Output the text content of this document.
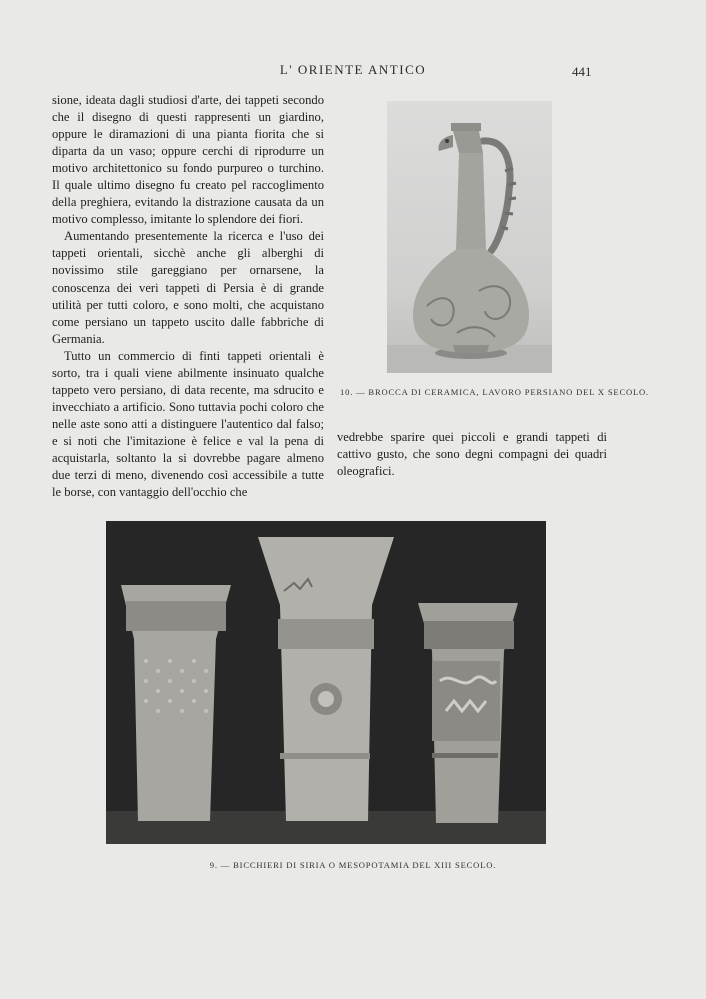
L' ORIENTE ANTICO	441

sione, ideata dagli studiosi d'arte, dei tappeti secondo che il disegno di questi rappresenti un giardino, oppure le diramazioni di una pianta fiorita che si diparta da un vaso; oppure cerchi di riprodurre un motivo architettonico su fondo purpureo o turchino. Il quale ultimo disegno fu creato pel raccoglimento della preghiera, evitando la distrazione causata da un motivo complesso, imitante lo splendore dei fiori.

Aumentando presentemente la ricerca e l'uso dei tappeti orientali, sicchè anche gli alberghi di novissimo stile gareggiano per ornarsene, la conoscenza dei veri tappeti di Persia è di grande utilità per tutti coloro, e sono molti, che acquistano come persiano un tappeto uscito dalle fabbriche di Germania.

Tutto un commercio di finti tappeti orientali è sorto, tra i quali viene abilmente insinuato qualche tappeto vero persiano, di data recente, ma sdrucito e invecchiato a artificio. Sono tuttavia pochi coloro che nelle aste sono atti a distinguere l'autentico dal falso; e si noti che l'imitazione è felice e val la pena di acquistarla, soltanto la si dovrebbe pagare almeno due terzi di meno, divenendo così accessibile a tutte le borse, con vantaggio dell'occhio che

10. — BROCCA DI CERAMICA, LAVORO PERSIANO DEL X SECOLO.

vedrebbe sparire quei piccoli e grandi tappeti di cattivo gusto, che sono degni compagni dei quadri oleografici.

9. — BICCHIERI DI SIRIA O MESOPOTAMIA DEL XIII SECOLO.
